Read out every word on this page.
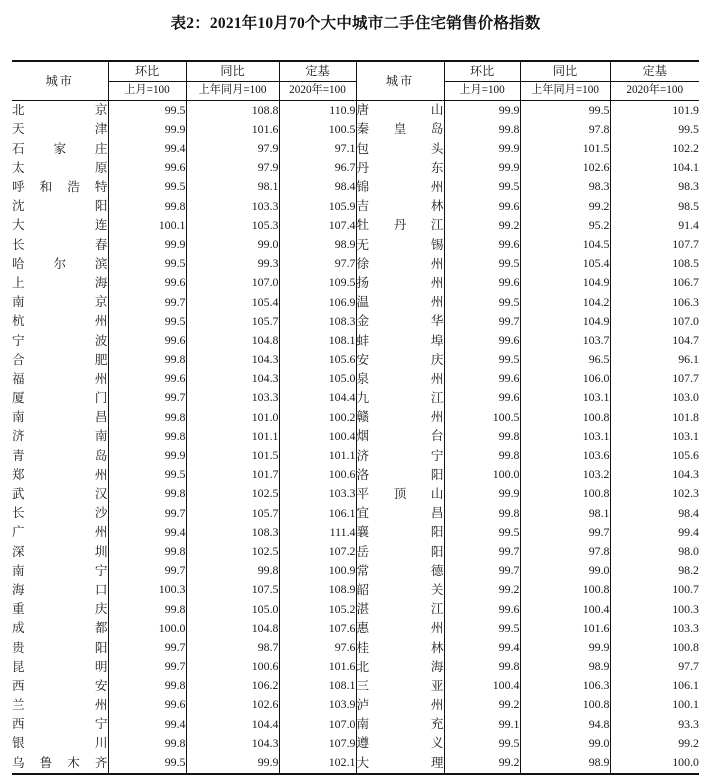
表2：2021年10月70个大中城市二手住宅销售价格指数
城市	环比	同比	定基	城市	环比	同比	定基
	上月=100	上年同月=100	2020年=100		上月=100	上年同月=100	2020年=100
北京	99.5	108.8	110.9	唐山	99.9	99.5	101.9
天津	99.9	101.6	100.5	秦皇岛	99.8	97.8	99.5
石家庄	99.4	97.9	97.1	包头	99.9	101.5	102.2
太原	99.6	97.9	96.7	丹东	99.9	102.6	104.1
呼和浩特	99.5	98.1	98.4	锦州	99.5	98.3	98.3
沈阳	99.8	103.3	105.9	吉林	99.6	99.2	98.5
大连	100.1	105.3	107.4	牡丹江	99.2	95.2	91.4
长春	99.9	99.0	98.9	无锡	99.6	104.5	107.7
哈尔滨	99.5	99.3	97.7	徐州	99.5	105.4	108.5
上海	99.6	107.0	109.5	扬州	99.6	104.9	106.7
南京	99.7	105.4	106.9	温州	99.5	104.2	106.3
杭州	99.5	105.7	108.3	金华	99.7	104.9	107.0
宁波	99.6	104.8	108.1	蚌埠	99.6	103.7	104.7
合肥	99.8	104.3	105.6	安庆	99.5	96.5	96.1
福州	99.6	104.3	105.0	泉州	99.6	106.0	107.7
厦门	99.7	103.3	104.4	九江	99.6	103.1	103.0
南昌	99.8	101.0	100.2	赣州	100.5	100.8	101.8
济南	99.8	101.1	100.4	烟台	99.8	103.1	103.1
青岛	99.9	101.5	101.1	济宁	99.8	103.6	105.6
郑州	99.5	101.7	100.6	洛阳	100.0	103.2	104.3
武汉	99.8	102.5	103.3	平顶山	99.9	100.8	102.3
长沙	99.7	105.7	106.1	宜昌	99.8	98.1	98.4
广州	99.4	108.3	111.4	襄阳	99.5	99.7	99.4
深圳	99.8	102.5	107.2	岳阳	99.7	97.8	98.0
南宁	99.7	99.8	100.9	常德	99.7	99.0	98.2
海口	100.3	107.5	108.9	韶关	99.2	100.8	100.7
重庆	99.8	105.0	105.2	湛江	99.6	100.4	100.3
成都	100.0	104.8	107.6	惠州	99.5	101.6	103.3
贵阳	99.7	98.7	97.6	桂林	99.4	99.9	100.8
昆明	99.7	100.6	101.6	北海	99.8	98.9	97.7
西安	99.8	106.2	108.1	三亚	100.4	106.3	106.1
兰州	99.6	102.6	103.9	泸州	99.2	100.8	100.1
西宁	99.4	104.4	107.0	南充	99.1	94.8	93.3
银川	99.8	104.3	107.9	遵义	99.5	99.0	99.2
乌鲁木齐	99.5	99.9	102.1	大理	99.2	98.9	100.0
